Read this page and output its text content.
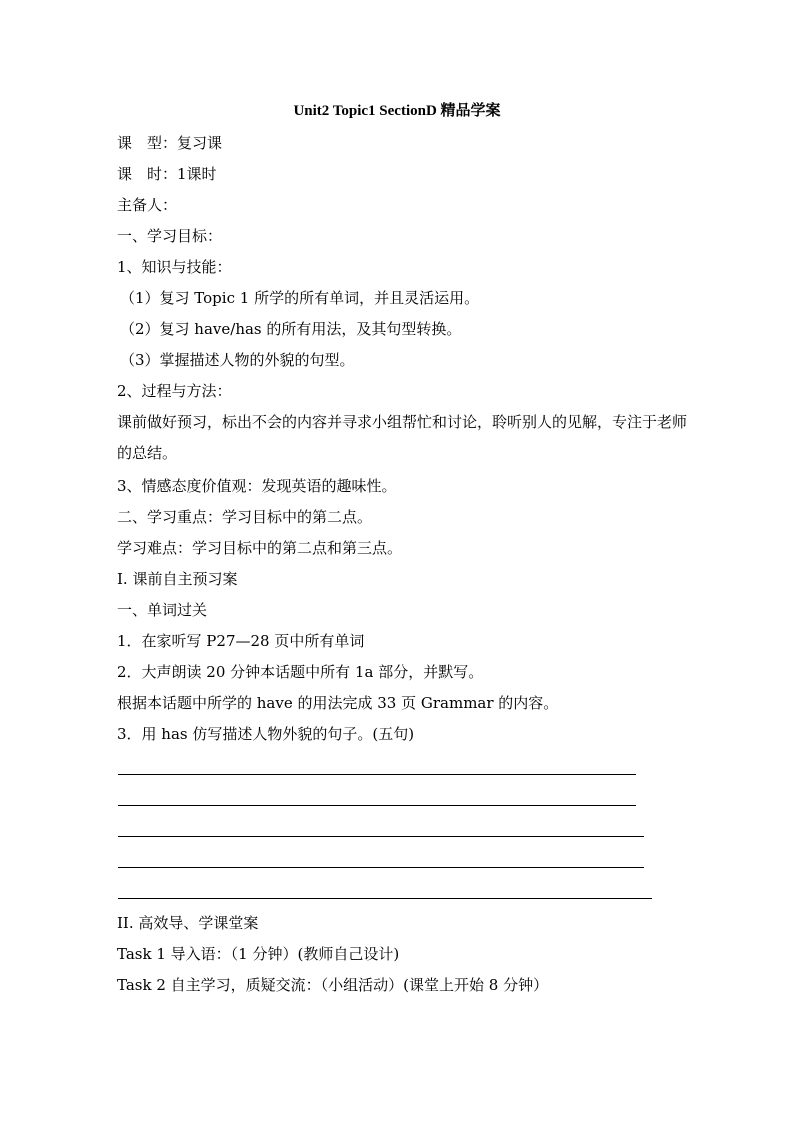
Unit2 Topic1 SectionD 精品学案
课　型：复习课
课　时：1课时
主备人：
一、学习目标：
1、知识与技能：
（1）复习 Topic 1 所学的所有单词，并且灵活运用。
（2）复习 have/has 的所有用法，及其句型转换。
（3）掌握描述人物的外貌的句型。
2、过程与方法：
课前做好预习，标出不会的内容并寻求小组帮忙和讨论，聆听别人的见解，专注于老师的总结。
3、情感态度价值观：发现英语的趣味性。
二、学习重点：学习目标中的第二点。
学习难点：学习目标中的第二点和第三点。
I. 课前自主预习案
一、单词过关
1．在家听写 P27—28 页中所有单词
2．大声朗读 20 分钟本话题中所有 1a 部分，并默写。
根据本话题中所学的 have 的用法完成 33 页 Grammar 的内容。
3．用 has 仿写描述人物外貌的句子。(五句)
II. 高效导、学课堂案
Task 1 导入语：（1 分钟）(教师自己设计)
Task 2 自主学习，质疑交流：（小组活动）(课堂上开始 8 分钟）
